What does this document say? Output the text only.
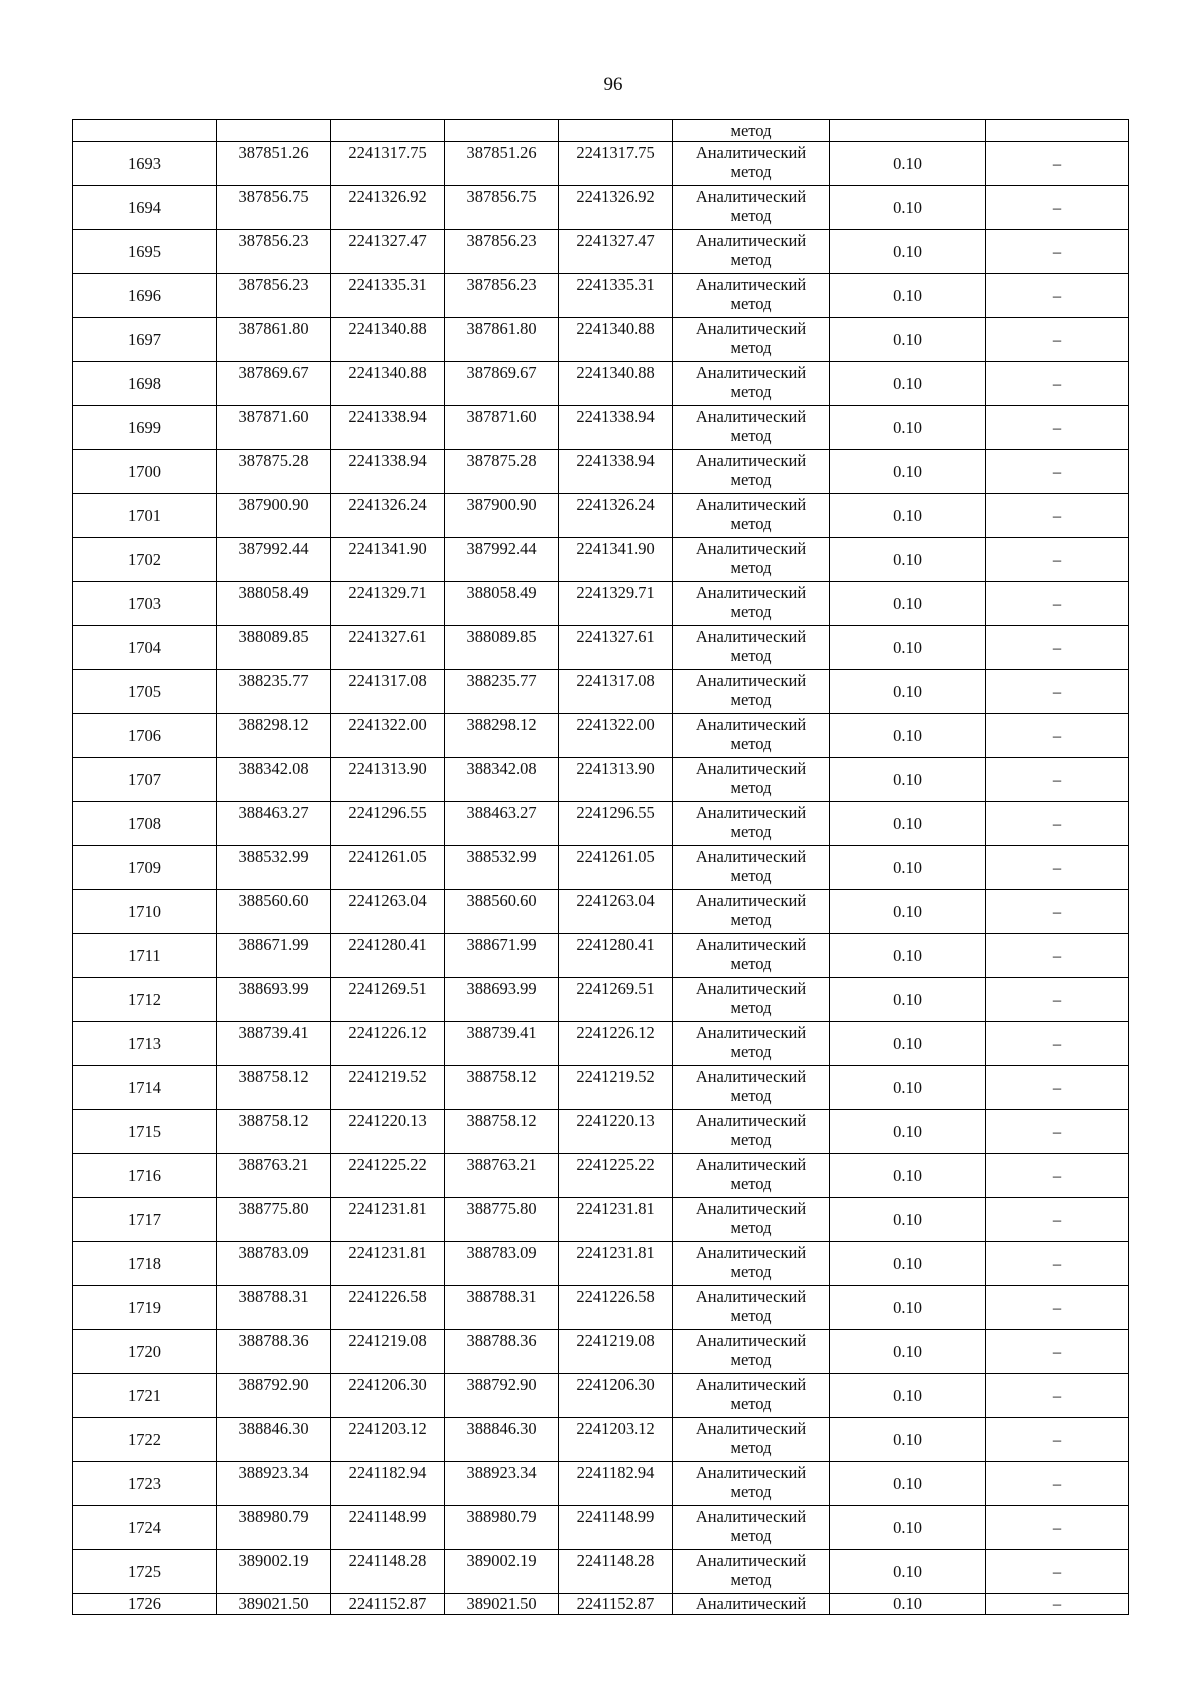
96
					метод		
1693	387851.26	2241317.75	387851.26	2241317.75	Аналитический
метод	0.10	–
1694	387856.75	2241326.92	387856.75	2241326.92	Аналитический
метод	0.10	–
1695	387856.23	2241327.47	387856.23	2241327.47	Аналитический
метод	0.10	–
1696	387856.23	2241335.31	387856.23	2241335.31	Аналитический
метод	0.10	–
1697	387861.80	2241340.88	387861.80	2241340.88	Аналитический
метод	0.10	–
1698	387869.67	2241340.88	387869.67	2241340.88	Аналитический
метод	0.10	–
1699	387871.60	2241338.94	387871.60	2241338.94	Аналитический
метод	0.10	–
1700	387875.28	2241338.94	387875.28	2241338.94	Аналитический
метод	0.10	–
1701	387900.90	2241326.24	387900.90	2241326.24	Аналитический
метод	0.10	–
1702	387992.44	2241341.90	387992.44	2241341.90	Аналитический
метод	0.10	–
1703	388058.49	2241329.71	388058.49	2241329.71	Аналитический
метод	0.10	–
1704	388089.85	2241327.61	388089.85	2241327.61	Аналитический
метод	0.10	–
1705	388235.77	2241317.08	388235.77	2241317.08	Аналитический
метод	0.10	–
1706	388298.12	2241322.00	388298.12	2241322.00	Аналитический
метод	0.10	–
1707	388342.08	2241313.90	388342.08	2241313.90	Аналитический
метод	0.10	–
1708	388463.27	2241296.55	388463.27	2241296.55	Аналитический
метод	0.10	–
1709	388532.99	2241261.05	388532.99	2241261.05	Аналитический
метод	0.10	–
1710	388560.60	2241263.04	388560.60	2241263.04	Аналитический
метод	0.10	–
1711	388671.99	2241280.41	388671.99	2241280.41	Аналитический
метод	0.10	–
1712	388693.99	2241269.51	388693.99	2241269.51	Аналитический
метод	0.10	–
1713	388739.41	2241226.12	388739.41	2241226.12	Аналитический
метод	0.10	–
1714	388758.12	2241219.52	388758.12	2241219.52	Аналитический
метод	0.10	–
1715	388758.12	2241220.13	388758.12	2241220.13	Аналитический
метод	0.10	–
1716	388763.21	2241225.22	388763.21	2241225.22	Аналитический
метод	0.10	–
1717	388775.80	2241231.81	388775.80	2241231.81	Аналитический
метод	0.10	–
1718	388783.09	2241231.81	388783.09	2241231.81	Аналитический
метод	0.10	–
1719	388788.31	2241226.58	388788.31	2241226.58	Аналитический
метод	0.10	–
1720	388788.36	2241219.08	388788.36	2241219.08	Аналитический
метод	0.10	–
1721	388792.90	2241206.30	388792.90	2241206.30	Аналитический
метод	0.10	–
1722	388846.30	2241203.12	388846.30	2241203.12	Аналитический
метод	0.10	–
1723	388923.34	2241182.94	388923.34	2241182.94	Аналитический
метод	0.10	–
1724	388980.79	2241148.99	388980.79	2241148.99	Аналитический
метод	0.10	–
1725	389002.19	2241148.28	389002.19	2241148.28	Аналитический
метод	0.10	–
1726	389021.50	2241152.87	389021.50	2241152.87	Аналитический	0.10	–
